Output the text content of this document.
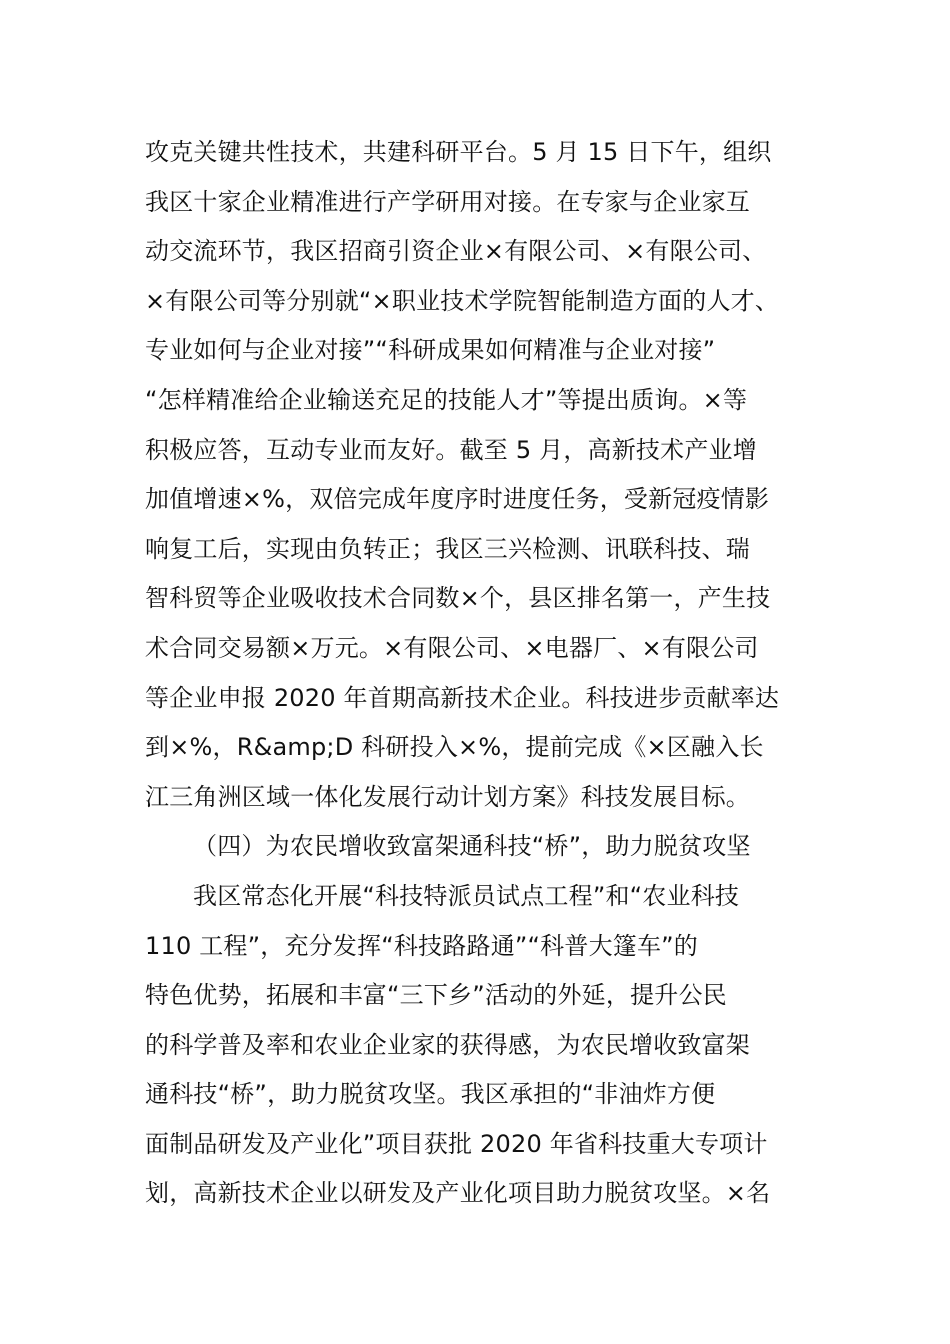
攻克关键共性技术，共建科研平台。5 月 15 日下午，组织
我区十家企业精准进行产学研用对接。在专家与企业家互
动交流环节，我区招商引资企业×有限公司、×有限公司、
×有限公司等分别就“×职业技术学院智能制造方面的人才、
专业如何与企业对接”“科研成果如何精准与企业对接”
“怎样精准给企业输送充足的技能人才”等提出质询。×等
积极应答，互动专业而友好。截至 5 月，高新技术产业增
加值增速×%，双倍完成年度序时进度任务，受新冠疫情影
响复工后，实现由负转正；我区三兴检测、讯联科技、瑞
智科贸等企业吸收技术合同数×个，县区排名第一，产生技
术合同交易额×万元。×有限公司、×电器厂、×有限公司
等企业申报 2020 年首期高新技术企业。科技进步贡献率达
到×%，R&amp;D 科研投入×%，提前完成《×区融入长
江三角洲区域一体化发展行动计划方案》科技发展目标。
（四）为农民增收致富架通科技“桥”，助力脱贫攻坚
我区常态化开展“科技特派员试点工程”和“农业科技
110 工程”，充分发挥“科技路路通”“科普大篷车”的
特色优势，拓展和丰富“三下乡”活动的外延，提升公民
的科学普及率和农业企业家的获得感，为农民增收致富架
通科技“桥”，助力脱贫攻坚。我区承担的“非油炸方便
面制品研发及产业化”项目获批 2020 年省科技重大专项计
划，高新技术企业以研发及产业化项目助力脱贫攻坚。×名
